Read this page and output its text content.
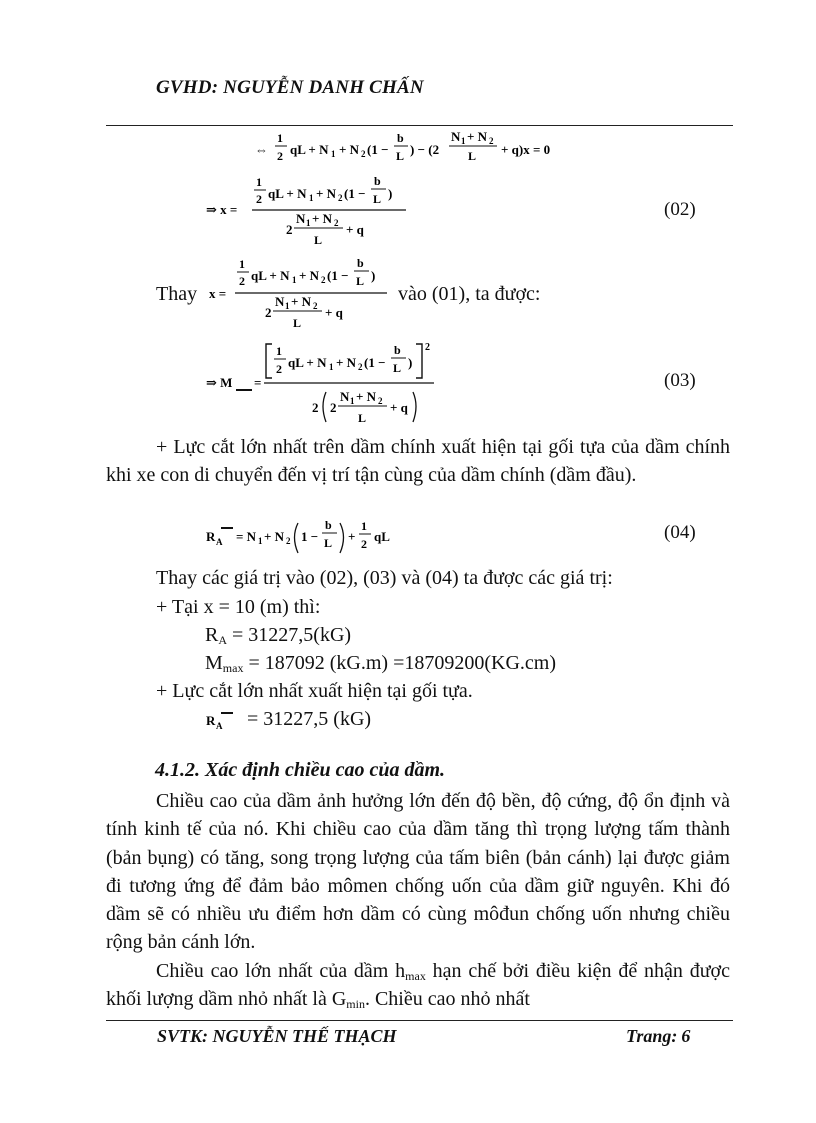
GVHD: NGUYỄN DANH CHẤN
⇔
1
2 qL + N 1 + N 2 (1 −
b
L ) − (2
N 1 + N 2
L + q)x = 0
⇒ x =
1
2 qL + N 1 + N 2 (1 −
b
L )
2
N 1 + N 2
L
+ q
(02)
Thay x =
1
2 qL + N 1 + N 2 (1 −
b
L )
2
N 1 + N 2
L
+ q
vào (01), ta được:
⇒ M =
1
2 qL + N 1 + N 2 (1 −
b
L )
2
2 2
N 1 + N 2
L
+ q
(03)

+ Lực cắt lớn nhất trên dầm chính xuất hiện tại gối tựa của dầm chính khi xe con di chuyển đến vị trí tận cùng của dầm chính (dầm đầu).

R A = N 1 + N 2 1 −
b
L +
1
2 qL	(04)
Thay các giá trị vào (02), (03) và (04) ta được các giá trị:
+ Tại x = 10 (m) thì:
$R_A = 31227,5(kG)$
$M_{max} = 187092$ (kG.m) =18709200(KG.cm)
+ Lực cắt lớn nhất xuất hiện tại gối tựa.
R A = 31227,5 (kG)
4.1.2. Xác định chiều cao của dầm.

Chiều cao của dầm ảnh hưởng lớn đến độ bền, độ cứng, độ ổn định và tính kinh tế của nó. Khi chiều cao của dầm tăng thì trọng lượng tấm thành (bản bụng) có tăng, song trọng lượng của tấm biên (bản cánh) lại được giảm đi tương ứng để đảm bảo mômen chống uốn của dầm giữ nguyên. Khi đó dầm sẽ có nhiều ưu điểm hơn dầm có cùng môđun chống uốn nhưng chiều rộng bản cánh lớn.

Chiều cao lớn nhất của dầm $h_{max}$ hạn chế bởi điều kiện để nhận được khối lượng dầm nhỏ nhất là $G_{min}$. Chiều cao nhỏ nhất

SVTK: NGUYỄN THẾ THẠCH	Trang: 6
